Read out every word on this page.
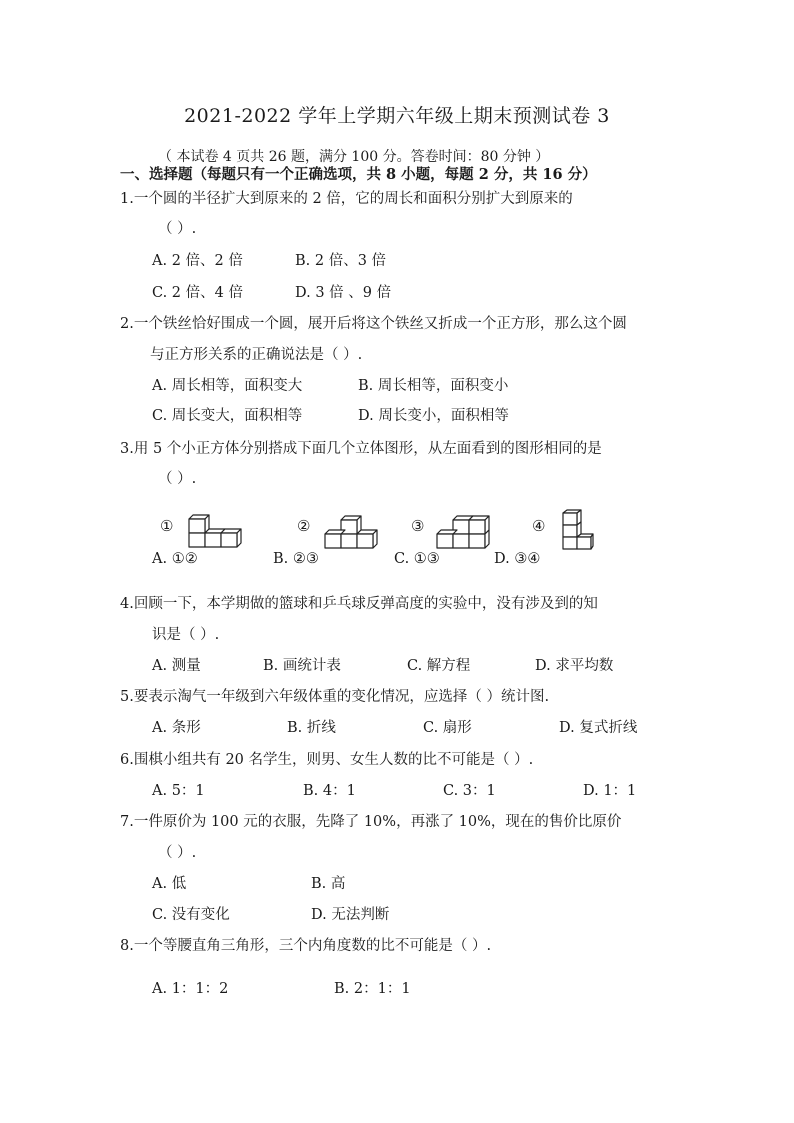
2021-2022 学年上学期六年级上期末预测试卷 3
（ 本试卷 4 页共 26 题，满分 100 分。答卷时间：80 分钟 ）
一、选择题（每题只有一个正确选项，共 8 小题，每题 2 分，共 16 分）
1.一个圆的半径扩大到原来的 2 倍，它的周长和面积分别扩大到原来的
（ ）.
A. 2 倍、2 倍	B. 2 倍、3 倍
C. 2 倍、4 倍	D. 3 倍 、9 倍
2.一个铁丝恰好围成一个圆，展开后将这个铁丝又折成一个正方形，那么这个圆
与正方形关系的正确说法是（ ）.
A. 周长相等，面积变大	B. 周长相等，面积变小
C. 周长变大，面积相等	D. 周长变小，面积相等
3.用 5 个小正方体分别搭成下面几个立体图形，从左面看到的图形相同的是
（ ）.
①	②	③	④
A. ①②	B. ②③	C. ①③	D. ③④
4.回顾一下，本学期做的篮球和乒乓球反弹高度的实验中，没有涉及到的知
识是（ ）.
A. 测量	B. 画统计表	C. 解方程	D. 求平均数
5.要表示淘气一年级到六年级体重的变化情况，应选择（ ）统计图.
A. 条形	B. 折线	C. 扇形	D. 复式折线
6.围棋小组共有 20 名学生，则男、女生人数的比不可能是（ ）.
A. 5：1	B. 4：1	C. 3：1	D. 1：1
7.一件原价为 100 元的衣服，先降了 10%，再涨了 10%，现在的售价比原价
（ ）.
A. 低	B. 高
C. 没有变化	D. 无法判断
8.一个等腰直角三角形，三个内角度数的比不可能是（ ）.
A. 1：1：2	B. 2：1：1
